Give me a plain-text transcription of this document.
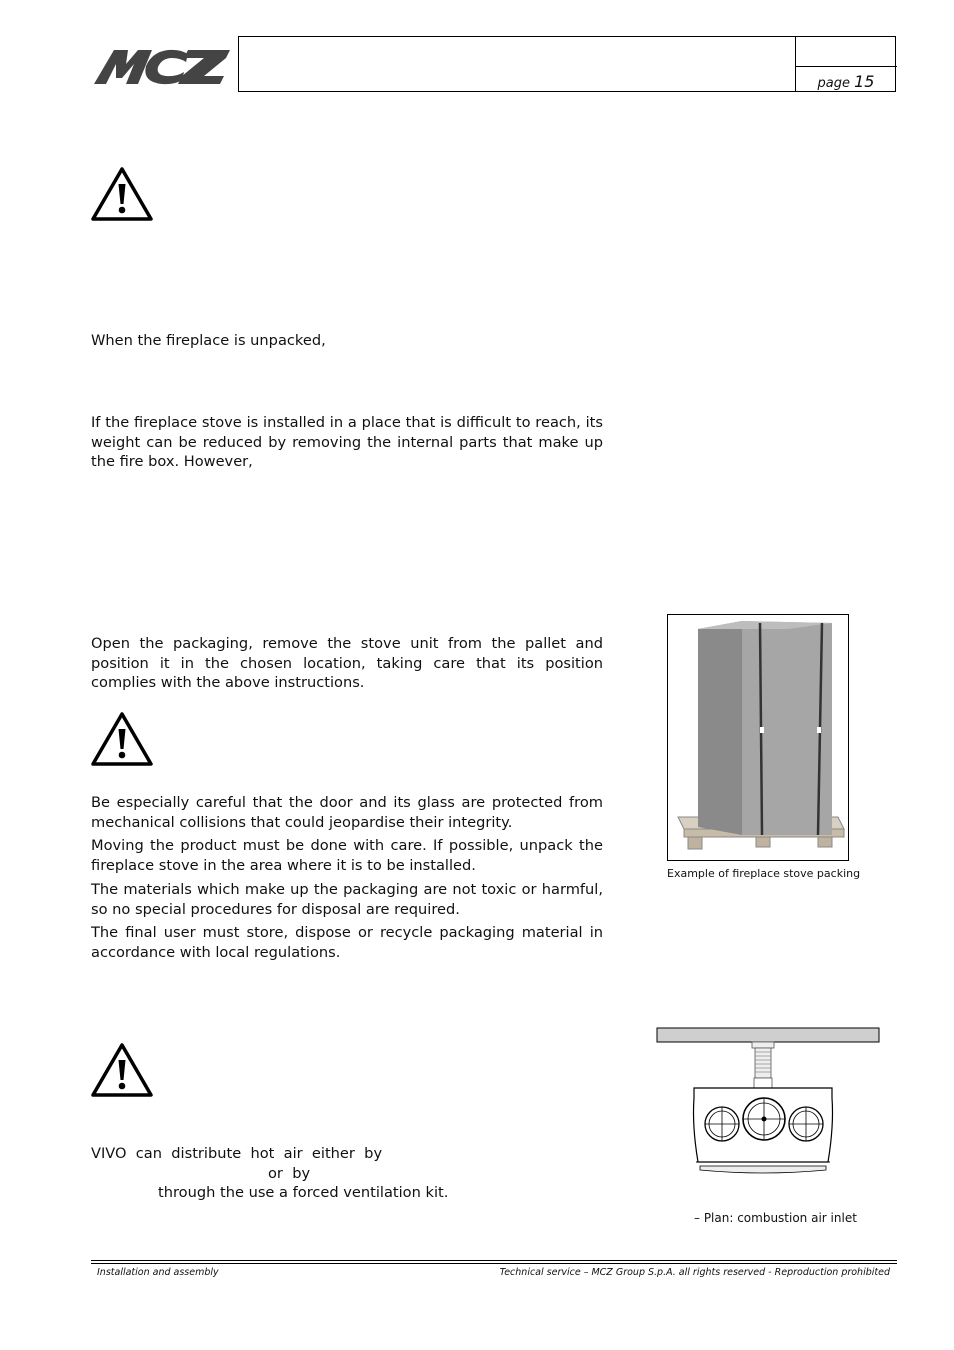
page 15
When the fireplace is unpacked,
If the fireplace stove is installed in a place that is difficult to reach, its weight can be reduced by removing the internal parts that make up the fire box. However,
Open the packaging, remove the stove unit from the pallet and position it in the chosen location, taking care that its position complies with the above instructions.
Be especially careful that the door and its glass are protected from mechanical collisions that could jeopardise their integrity.
Moving the product must be done with care. If possible, unpack the fireplace stove in the area where it is to be installed.
The materials which make up the packaging are not toxic or harmful, so no special procedures for disposal are required.
The final user must store, dispose or recycle packaging material in accordance with local regulations.
Example of fireplace stove packing
VIVO  can  distribute  hot  air  either  by
or  by
through the use a forced ventilation kit.
– Plan: combustion air inlet
Installation and assembly	Technical service – MCZ Group S.p.A. all rights reserved - Reproduction prohibited
